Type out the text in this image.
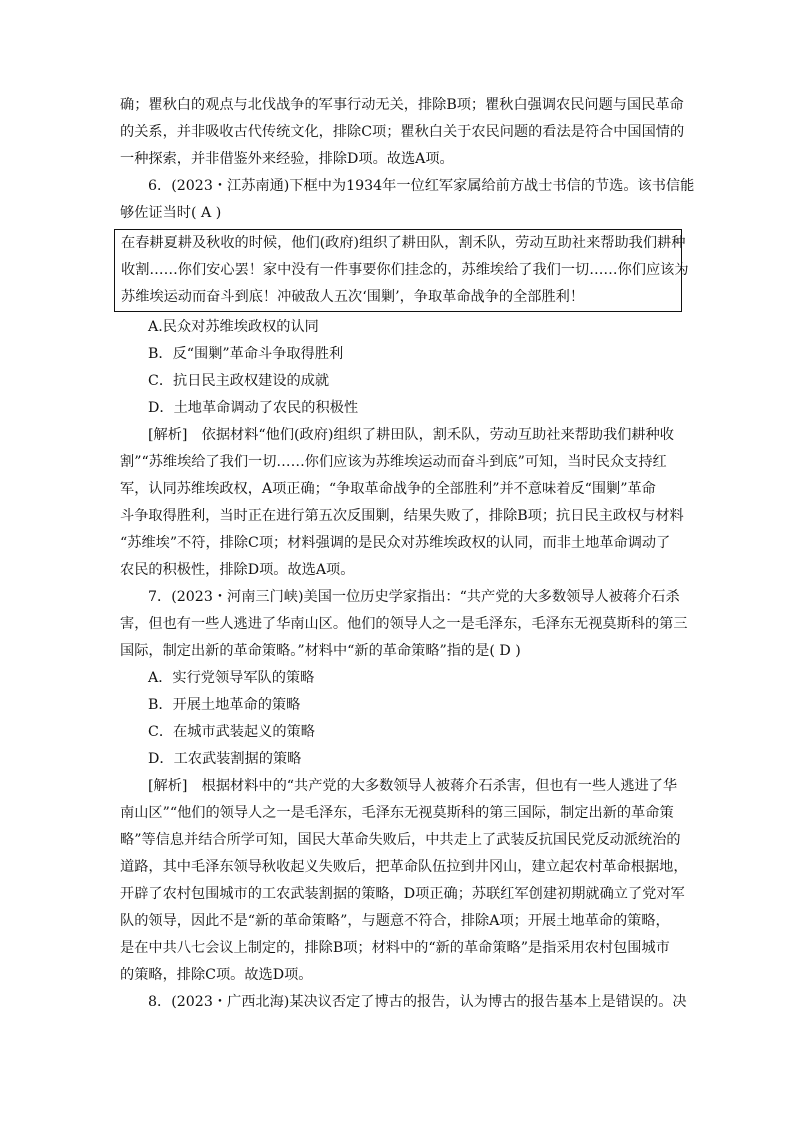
确；瞿秋白的观点与北伐战争的军事行动无关，排除B项；瞿秋白强调农民问题与国民革命
的关系，并非吸收古代传统文化，排除C项；瞿秋白关于农民问题的看法是符合中国国情的
一种探索，并非借鉴外来经验，排除D项。故选A项。
6．(2023・江苏南通)下框中为1934年一位红军家属给前方战士书信的节选。该书信能
够佐证当时( A )
在春耕夏耕及秋收的时候，他们(政府)组织了耕田队，割禾队，劳动互助社来帮助我们耕种
收割……你们安心罢！家中没有一件事要你们挂念的，苏维埃给了我们一切……你们应该为
苏维埃运动而奋斗到底！冲破敌人五次‘围剿’，争取革命战争的全部胜利！

A.民众对苏维埃政权的认同

B．反“围剿”革命斗争取得胜利

C．抗日民主政权建设的成就

D．土地革命调动了农民的积极性

[解析]　依据材料“他们(政府)组织了耕田队，割禾队，劳动互助社来帮助我们耕种收
割”“苏维埃给了我们一切……你们应该为苏维埃运动而奋斗到底”可知，当时民众支持红
军，认同苏维埃政权，A项正确；“争取革命战争的全部胜利”并不意味着反“围剿”革命
斗争取得胜利，当时正在进行第五次反围剿，结果失败了，排除B项；抗日民主政权与材料
“苏维埃”不符，排除C项；材料强调的是民众对苏维埃政权的认同，而非土地革命调动了
农民的积极性，排除D项。故选A项。
7．(2023・河南三门峡)美国一位历史学家指出：“共产党的大多数领导人被蒋介石杀
害，但也有一些人逃进了华南山区。他们的领导人之一是毛泽东，毛泽东无视莫斯科的第三
国际，制定出新的革命策略。”材料中“新的革命策略”指的是( D )

A．实行党领导军队的策略

B．开展土地革命的策略

C．在城市武装起义的策略

D．工农武装割据的策略

[解析]　根据材料中的“共产党的大多数领导人被蒋介石杀害，但也有一些人逃进了华
南山区”“他们的领导人之一是毛泽东，毛泽东无视莫斯科的第三国际，制定出新的革命策
略”等信息并结合所学可知，国民大革命失败后，中共走上了武装反抗国民党反动派统治的
道路，其中毛泽东领导秋收起义失败后，把革命队伍拉到井冈山，建立起农村革命根据地，
开辟了农村包围城市的工农武装割据的策略，D项正确；苏联红军创建初期就确立了党对军
队的领导，因此不是“新的革命策略”，与题意不符合，排除A项；开展土地革命的策略，
是在中共八七会议上制定的，排除B项；材料中的“新的革命策略”是指采用农村包围城市
的策略，排除C项。故选D项。
8．(2023・广西北海)某决议否定了博古的报告，认为博古的报告基本上是错误的。决
